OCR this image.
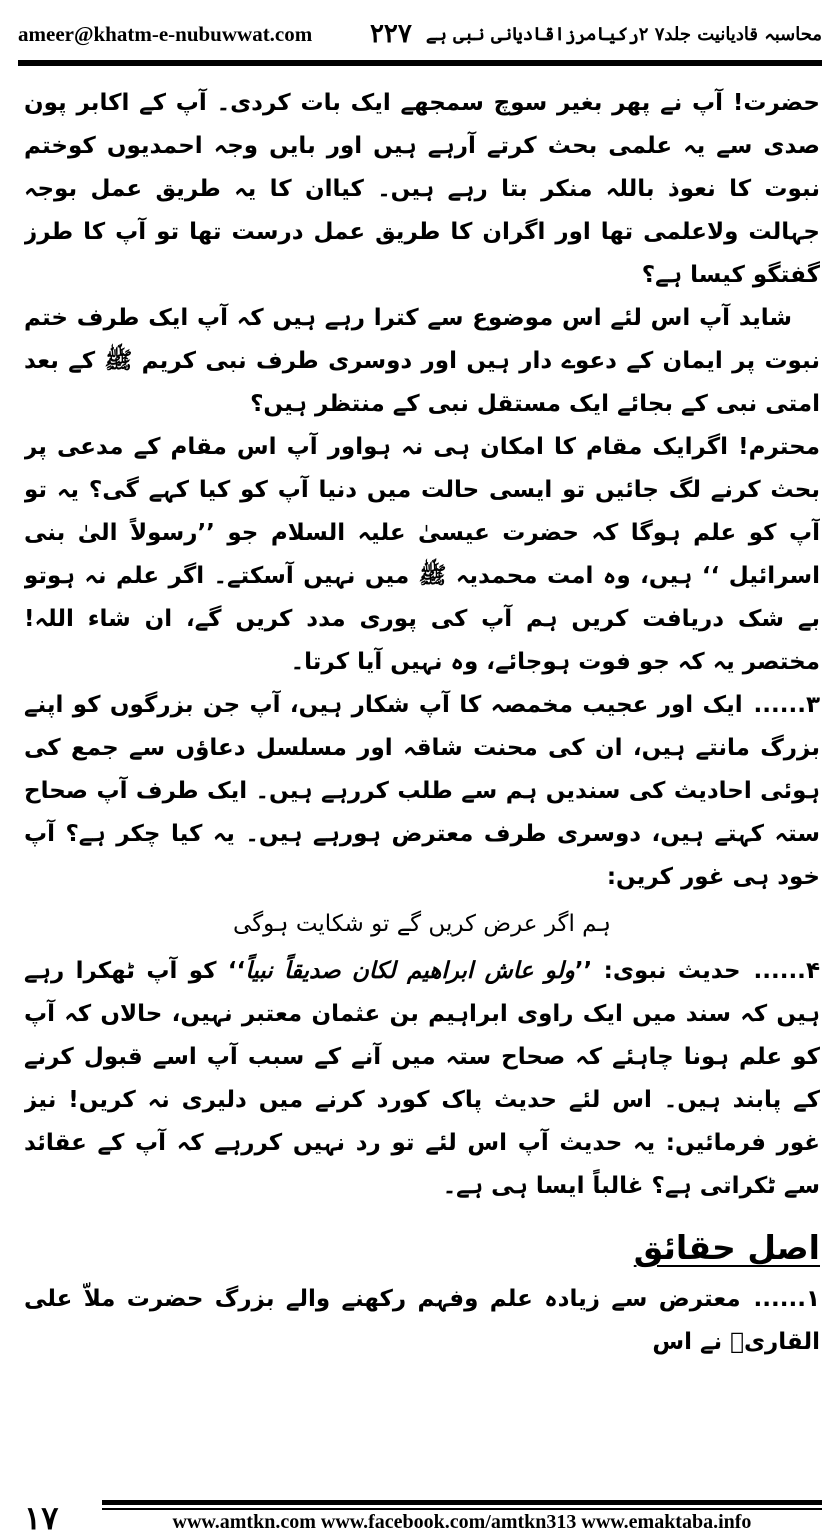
ameer@khatm-e-nubuwwat.com	محاسبہ قادیانیت جلد۷ ۲رکیامرزاقادیانی نبی ہے
۲۲۷

حضرت! آپ نے پھر بغیر سوچ سمجھے ایک بات کردی۔ آپ کے اکابر پون صدی سے یہ علمی بحث کرتے آرہے ہیں اور بایں وجہ احمدیوں کوختم نبوت کا نعوذ باللہ منکر بتا رہے ہیں۔ کیاان کا یہ طریق عمل بوجہ جہالت ولاعلمی تھا اور اگران کا طریق عمل درست تھا تو آپ کا طرز گفتگو کیسا ہے؟

شاید آپ اس لئے اس موضوع سے کترا رہے ہیں کہ آپ ایک طرف ختم نبوت پر ایمان کے دعوے دار ہیں اور دوسری طرف نبی کریم ﷺ کے بعد امتی نبی کے بجائے ایک مستقل نبی کے منتظر ہیں؟

محترم! اگرایک مقام کا امکان ہی نہ ہواور آپ اس مقام کے مدعی پر بحث کرنے لگ جائیں تو ایسی حالت میں دنیا آپ کو کیا کہے گی؟ یہ تو آپ کو علم ہوگا کہ حضرت عیسیٰ علیہ السلام جو ’’رسولاً الیٰ بنی اسرائیل ‘‘ ہیں، وہ امت محمدیہ ﷺ میں نہیں آسکتے۔ اگر علم نہ ہوتو بے شک دریافت کریں ہم آپ کی پوری مدد کریں گے، ان شاء اللہ! مختصر یہ کہ جو فوت ہوجائے، وہ نہیں آیا کرتا۔

۳...... ایک اور عجیب مخمصہ کا آپ شکار ہیں، آپ جن بزرگوں کو اپنے بزرگ مانتے ہیں، ان کی محنت شاقہ اور مسلسل دعاؤں سے جمع کی ہوئی احادیث کی سندیں ہم سے طلب کررہے ہیں۔ ایک طرف آپ صحاح ستہ کہتے ہیں، دوسری طرف معترض ہورہے ہیں۔ یہ کیا چکر ہے؟ آپ خود ہی غور کریں:

ہم اگر عرض کریں گے تو شکایت ہوگی

۴...... حدیث نبوی: ’’ولو عاش ابراهیم لكان صدیقاً نبیاً‘‘ کو آپ ٹھکرا رہے ہیں کہ سند میں ایک راوی ابراہیم بن عثمان معتبر نہیں، حالاں کہ آپ کو علم ہونا چاہئے کہ صحاح ستہ میں آنے کے سبب آپ اسے قبول کرنے کے پابند ہیں۔ اس لئے حدیث پاک کورد کرنے میں دلیری نہ کریں! نیز غور فرمائیں: یہ حدیث آپ اس لئے تو رد نہیں کررہے کہ آپ کے عقائد سے ٹکراتی ہے؟ غالباً ایسا ہی ہے۔

اصل حقائق

۱...... معترض سے زیادہ علم وفہم رکھنے والے بزرگ حضرت ملاّ علی القاریؒ نے اس

۱۷	www.amtkn.com www.facebook.com/amtkn313 www.emaktaba.info
